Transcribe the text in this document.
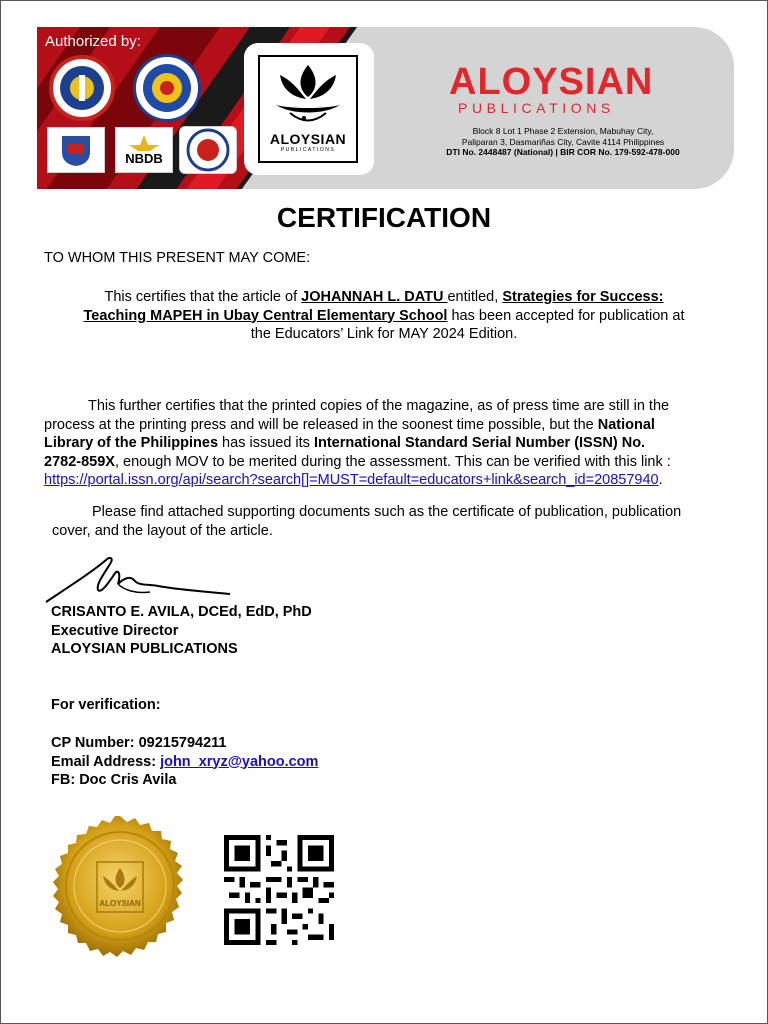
Authorized by:
NBDB
ALOYSIAN
PUBLICATIONS
ALOYSIAN
PUBLICATIONS
Block 8 Lot 1 Phase 2 Extension, Mabuhay City,
Paliparan 3, Dasmariñas City, Cavite 4114 Philippines
DTI No. 2448487 (National) | BIR COR No. 179-592-478-000
CERTIFICATION
TO WHOM THIS PRESENT MAY COME:
This certifies that the article of JOHANNAH L. DATU entitled, Strategies for Success:
Teaching MAPEH in Ubay Central Elementary School has been accepted for publication at
the Educators’ Link for MAY 2024 Edition.
This further certifies that the printed copies of the magazine, as of press time are still in the
process at the printing press and will be released in the soonest time possible, but the National
Library of the Philippines has issued its International Standard Serial Number (ISSN) No.
2782-859X, enough MOV to be merited during the assessment. This can be verified with this link :
https://portal.issn.org/api/search?search[]=MUST=default=educators+link&search_id=20857940.
Please find attached supporting documents such as the certificate of publication, publication
cover, and the layout of the article.
CRISANTO E. AVILA, DCEd, EdD, PhD
Executive Director
ALOYSIAN PUBLICATIONS
For verification:
CP Number: 09215794211
Email Address: john_xryz@yahoo.com
FB: Doc Cris Avila
ALOYSIAN
